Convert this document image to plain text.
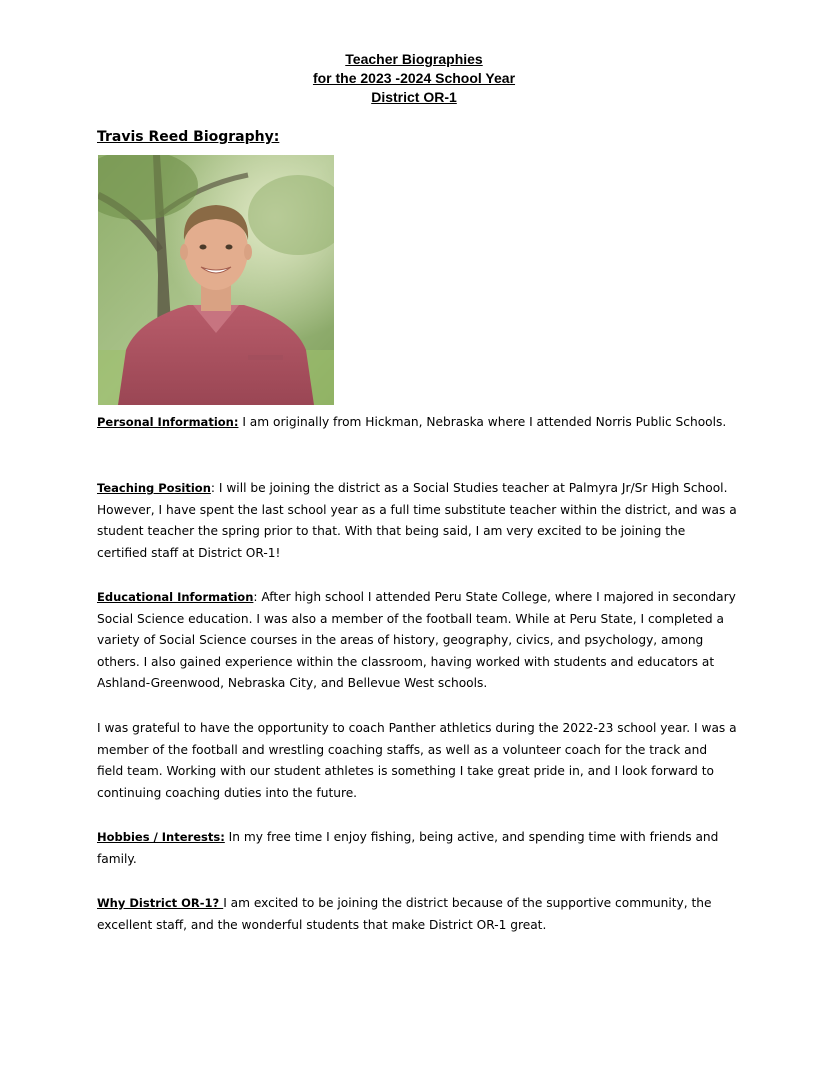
Teacher Biographies
for the 2023 -2024 School Year
District OR-1
Travis Reed Biography:
Personal Information: I am originally from Hickman, Nebraska where I attended Norris Public Schools.
Teaching Position: I will be joining the district as a Social Studies teacher at Palmyra Jr/Sr High School. However, I have spent the last school year as a full time substitute teacher within the district, and was a student teacher the spring prior to that. With that being said, I am very excited to be joining the certified staff at District OR-1!
Educational Information: After high school I attended Peru State College, where I majored in secondary Social Science education. I was also a member of the football team. While at Peru State, I completed a variety of Social Science courses in the areas of history, geography, civics, and psychology, among others. I also gained experience within the classroom, having worked with students and educators at Ashland-Greenwood, Nebraska City, and Bellevue West schools.
I was grateful to have the opportunity to coach Panther athletics during the 2022-23 school year. I was a member of the football and wrestling coaching staffs, as well as a volunteer coach for the track and field team. Working with our student athletes is something I take great pride in, and I look forward to continuing coaching duties into the future.
Hobbies / Interests: In my free time I enjoy fishing, being active, and spending time with friends and family.
Why District OR-1? I am excited to be joining the district because of the supportive community, the excellent staff, and the wonderful students that make District OR-1 great.
